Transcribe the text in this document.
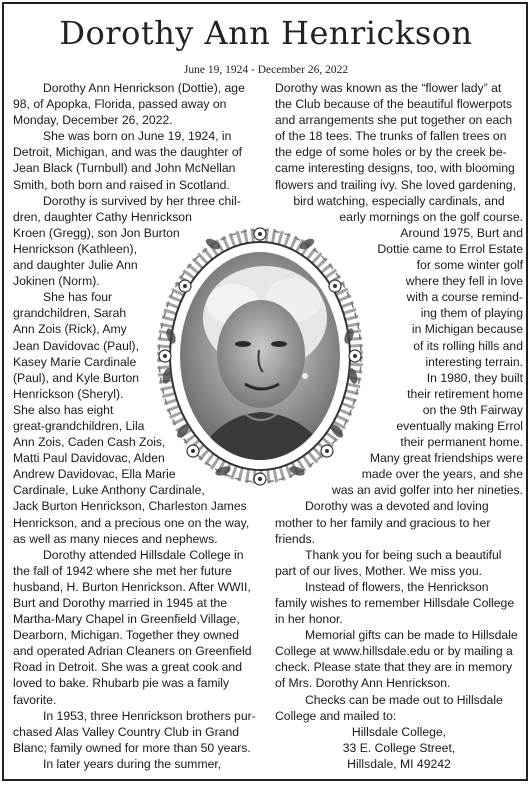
Dorothy Ann Henrickson
June 19, 1924 - December 26, 2022
Dorothy Ann Henrickson (Dottie), age
98, of Apopka, Florida, passed away on
Monday, December 26, 2022.
She was born on June 19, 1924, in
Detroit, Michigan, and was the daughter of
Jean Black (Turnbull) and John McNellan
Smith, both born and raised in Scotland.
Dorothy is survived by her three chil-
dren, daughter Cathy Henrickson
Kroen (Gregg), son Jon Burton
Henrickson (Kathleen),
and daughter Julie Ann
Jokinen (Norm).
She has four
grandchildren, Sarah
Ann Zois (Rick), Amy
Jean Davidovac (Paul),
Kasey Marie Cardinale
(Paul), and Kyle Burton
Henrickson (Sheryl).
She also has eight
great-grandchildren, Lila
Ann Zois, Caden Cash Zois,
Matti Paul Davidovac, Alden
Andrew Davidovac, Ella Marie
Cardinale, Luke Anthony Cardinale,
Jack Burton Henrickson, Charleston James
Henrickson, and a precious one on the way,
as well as many nieces and nephews.
Dorothy attended Hillsdale College in
the fall of 1942 where she met her future
husband, H. Burton Henrickson. After WWII,
Burt and Dorothy married in 1945 at the
Martha-Mary Chapel in Greenfield Village,
Dearborn, Michigan. Together they owned
and operated Adrian Cleaners on Greenfield
Road in Detroit. She was a great cook and
loved to bake. Rhubarb pie was a family
favorite.
In 1953, three Henrickson brothers pur-
chased Alas Valley Country Club in Grand
Blanc; family owned for more than 50 years.
In later years during the summer,
Dorothy was known as the “flower lady” at
the Club because of the beautiful flowerpots
and arrangements she put together on each
of the 18 tees. The trunks of fallen trees on
the edge of some holes or by the creek be-
came interesting designs, too, with blooming
flowers and trailing ivy. She loved gardening,
bird watching, especially cardinals, and
early mornings on the golf course.
Around 1975, Burt and
Dottie came to Errol Estate
for some winter golf
where they fell in love
with a course remind-
ing them of playing
in Michigan because
of its rolling hills and
interesting terrain.
In 1980, they built
their retirement home
on the 9th Fairway
eventually making Errol
their permanent home.
Many great friendships were
made over the years, and she
was an avid golfer into her nineties.
Dorothy was a devoted and loving
mother to her family and gracious to her
friends.
Thank you for being such a beautiful
part of our lives, Mother. We miss you.
Instead of flowers, the Henrickson
family wishes to remember Hillsdale College
in her honor.
Memorial gifts can be made to Hillsdale
College at www.hillsdale.edu or by mailing a
check. Please state that they are in memory
of Mrs. Dorothy Ann Henrickson.
Checks can be made out to Hillsdale
College and mailed to:
Hillsdale College,
33 E. College Street,
Hillsdale, MI 49242
